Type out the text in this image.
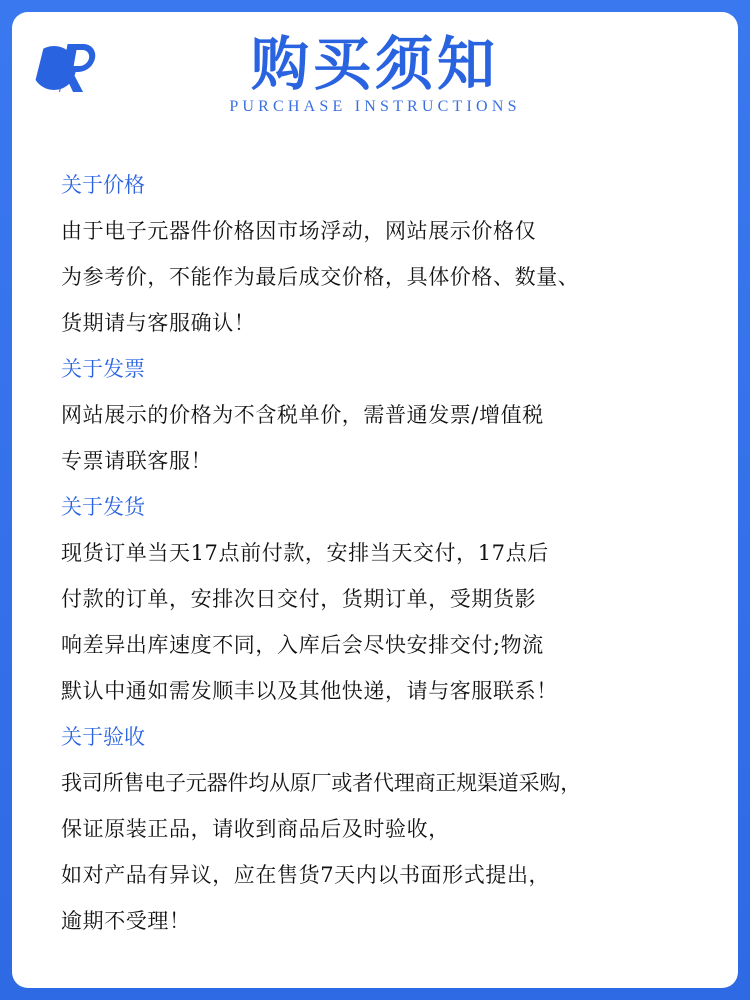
购买须知
PURCHASE INSTRUCTIONS
关于价格
由于电子元器件价格因市场浮动，网站展示价格仅
为参考价，不能作为最后成交价格，具体价格、数量、
货期请与客服确认！
关于发票
网站展示的价格为不含税单价，需普通发票/增值税
专票请联客服！
关于发货
现货订单当天17点前付款，安排当天交付，17点后
付款的订单，安排次日交付，货期订单，受期货影
响差异出库速度不同，入库后会尽快安排交付;物流
默认中通如需发顺丰以及其他快递，请与客服联系！
关于验收
我司所售电子元器件均从原厂或者代理商正规渠道采购，
保证原装正品，请收到商品后及时验收，
如对产品有异议，应在售货7天内以书面形式提出，
逾期不受理！
